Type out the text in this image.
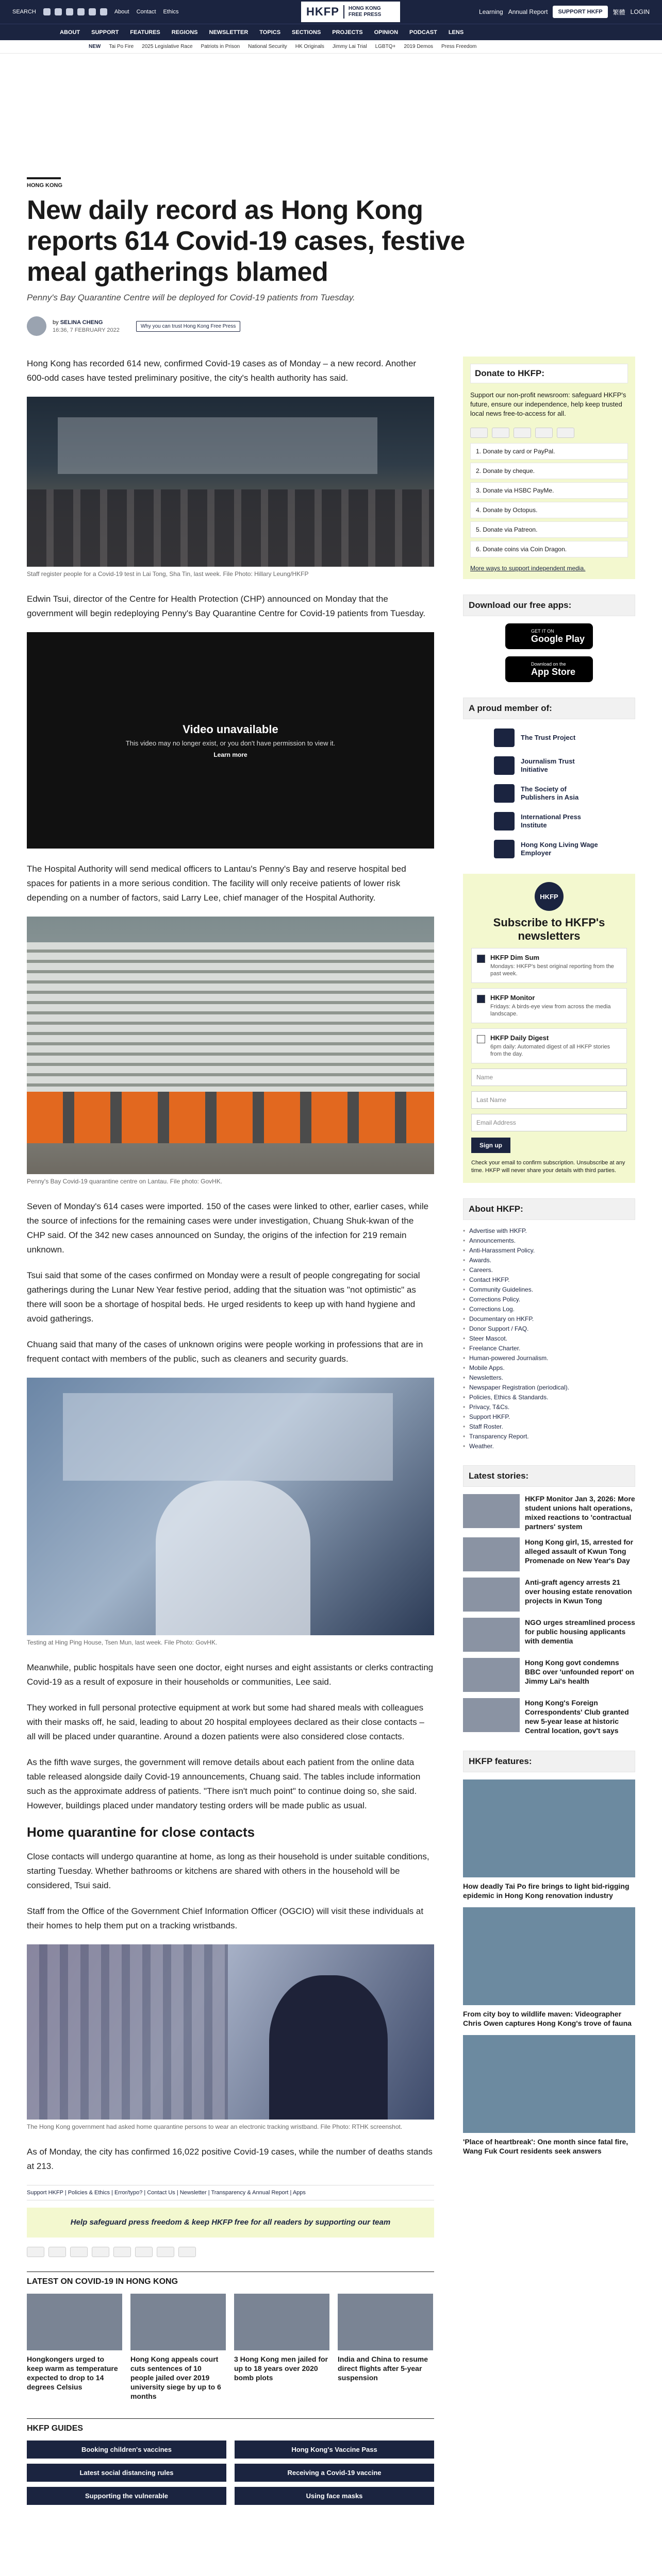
SEARCH	About Contact Ethics	HKFP	HONG KONG FREE PRESS	Learning Annual Report	SUPPORT HKFP	繁體 LOGIN
ABOUT SUPPORT FEATURES REGIONS NEWSLETTER TOPICS SECTIONS PROJECTS OPINION PODCAST LENS
NEW Tai Po Fire 2025 Legislative Race Patriots in Prison National Security HK Originals Jimmy Lai Trial LGBTQ+ 2019 Demos Press Freedom
HONG KONG
New daily record as Hong Kong reports 614 Covid-19 cases, festive meal gatherings blamed
Penny's Bay Quarantine Centre will be deployed for Covid-19 patients from Tuesday.
by SELINA CHENG
16:36, 7 FEBRUARY 2022
Why you can trust Hong Kong Free Press

Hong Kong has recorded 614 new, confirmed Covid-19 cases as of Monday – a new record. Another 600-odd cases have tested preliminary positive, the city's health authority has said.

Staff register people for a Covid-19 test in Lai Tong, Sha Tin, last week. File Photo: Hillary Leung/HKFP

Edwin Tsui, director of the Centre for Health Protection (CHP) announced on Monday that the government will begin redeploying Penny's Bay Quarantine Centre for Covid-19 patients from Tuesday.

Video unavailable
This video may no longer exist, or you don't have permission to view it.
Learn more

The Hospital Authority will send medical officers to Lantau's Penny's Bay and reserve hospital bed spaces for patients in a more serious condition. The facility will only receive patients of lower risk depending on a number of factors, said Larry Lee, chief manager of the Hospital Authority.

Penny's Bay Covid-19 quarantine centre on Lantau. File photo: GovHK.

Seven of Monday's 614 cases were imported. 150 of the cases were linked to other, earlier cases, while the source of infections for the remaining cases were under investigation, Chuang Shuk-kwan of the CHP said. Of the 342 new cases announced on Sunday, the origins of the infection for 219 remain unknown.

Tsui said that some of the cases confirmed on Monday were a result of people congregating for social gatherings during the Lunar New Year festive period, adding that the situation was "not optimistic" as there will soon be a shortage of hospital beds. He urged residents to keep up with hand hygiene and avoid gatherings.

Chuang said that many of the cases of unknown origins were people working in professions that are in frequent contact with members of the public, such as cleaners and security guards.

Testing at Hing Ping House, Tsen Mun, last week. File Photo: GovHK.

Meanwhile, public hospitals have seen one doctor, eight nurses and eight assistants or clerks contracting Covid-19 as a result of exposure in their households or communities, Lee said.

They worked in full personal protective equipment at work but some had shared meals with colleagues with their masks off, he said, leading to about 20 hospital employees declared as their close contacts – all will be placed under quarantine. Around a dozen patients were also considered close contacts.

As the fifth wave surges, the government will remove details about each patient from the online data table released alongside daily Covid-19 announcements, Chuang said. The tables include information such as the approximate address of patients. "There isn't much point" to continue doing so, she said. However, buildings placed under mandatory testing orders will be made public as usual.

Home quarantine for close contacts

Close contacts will undergo quarantine at home, as long as their household is under suitable conditions, starting Tuesday. Whether bathrooms or kitchens are shared with others in the household will be considered, Tsui said.

Staff from the Office of the Government Chief Information Officer (OGCIO) will visit these individuals at their homes to help them put on a tracking wristbands.

The Hong Kong government had asked home quarantine persons to wear an electronic tracking wristband. File Photo: RTHK screenshot.

As of Monday, the city has confirmed 16,022 positive Covid-19 cases, while the number of deaths stands at 213.

Support HKFP | Policies & Ethics | Error/typo? | Contact Us | Newsletter | Transparency & Annual Report | Apps
Help safeguard press freedom & keep HKFP free for all readers by supporting our team
LATEST ON COVID-19 IN HONG KONG
Hongkongers urged to keep warm as temperature expected to drop to 14 degrees Celsius
Hong Kong appeals court cuts sentences of 10 people jailed over 2019 university siege by up to 6 months
3 Hong Kong men jailed for up to 18 years over 2020 bomb plots
India and China to resume direct flights after 5-year suspension
HKFP GUIDES
Booking children's vaccines	Hong Kong's Vaccine Pass
Latest social distancing rules	Receiving a Covid-19 vaccine
Supporting the vulnerable	Using face masks
Donate to HKFP:
Support our non-profit newsroom: safeguard HKFP's future, ensure our independence, help keep trusted local news free-to-access for all.
1. Donate by card or PayPal.
2. Donate by cheque.
3. Donate via HSBC PayMe.
4. Donate by Octopus.
5. Donate via Patreon.
6. Donate coins via Coin Dragon.
More ways to support independent media.
Download our free apps:
GET IT ON
Google Play
Download on the
App Store
A proud member of:
The Trust Project
Journalism Trust Initiative
The Society of Publishers in Asia
International Press Institute
Hong Kong Living Wage Employer
HKFP
Subscribe to HKFP's newsletters
HKFP Dim Sum
Mondays: HKFP's best original reporting from the past week.
HKFP Monitor
Fridays: A birds-eye view from across the media landscape.
HKFP Daily Digest
6pm daily: Automated digest of all HKFP stories from the day.
Name
Last Name
Email Address
Sign up
Check your email to confirm subscription. Unsubscribe at any time. HKFP will never share your details with third parties.
About HKFP:
• Advertise with HKFP.
• Announcements.
• Anti-Harassment Policy.
• Awards.
• Careers.
• Contact HKFP.
• Community Guidelines.
• Corrections Policy.
• Corrections Log.
• Documentary on HKFP.
• Donor Support / FAQ.
• Steer Mascot.
• Freelance Charter.
• Human-powered Journalism.
• Mobile Apps.
• Newsletters.
• Newspaper Registration (periodical).
• Policies, Ethics & Standards.
• Privacy, T&Cs.
• Support HKFP.
• Staff Roster.
• Transparency Report.
• Weather.
Latest stories:
HKFP Monitor Jan 3, 2026: More student unions halt operations, mixed reactions to 'contractual partners' system
Hong Kong girl, 15, arrested for alleged assault of Kwun Tong Promenade on New Year's Day
Anti-graft agency arrests 21 over housing estate renovation projects in Kwun Tong
NGO urges streamlined process for public housing applicants with dementia
Hong Kong govt condemns BBC over 'unfounded report' on Jimmy Lai's health
Hong Kong's Foreign Correspondents' Club granted new 5-year lease at historic Central location, gov't says
HKFP features:
How deadly Tai Po fire brings to light bid-rigging epidemic in Hong Kong renovation industry
From city boy to wildlife maven: Videographer Chris Owen captures Hong Kong's trove of fauna
'Place of heartbreak': One month since fatal fire, Wang Fuk Court residents seek answers
